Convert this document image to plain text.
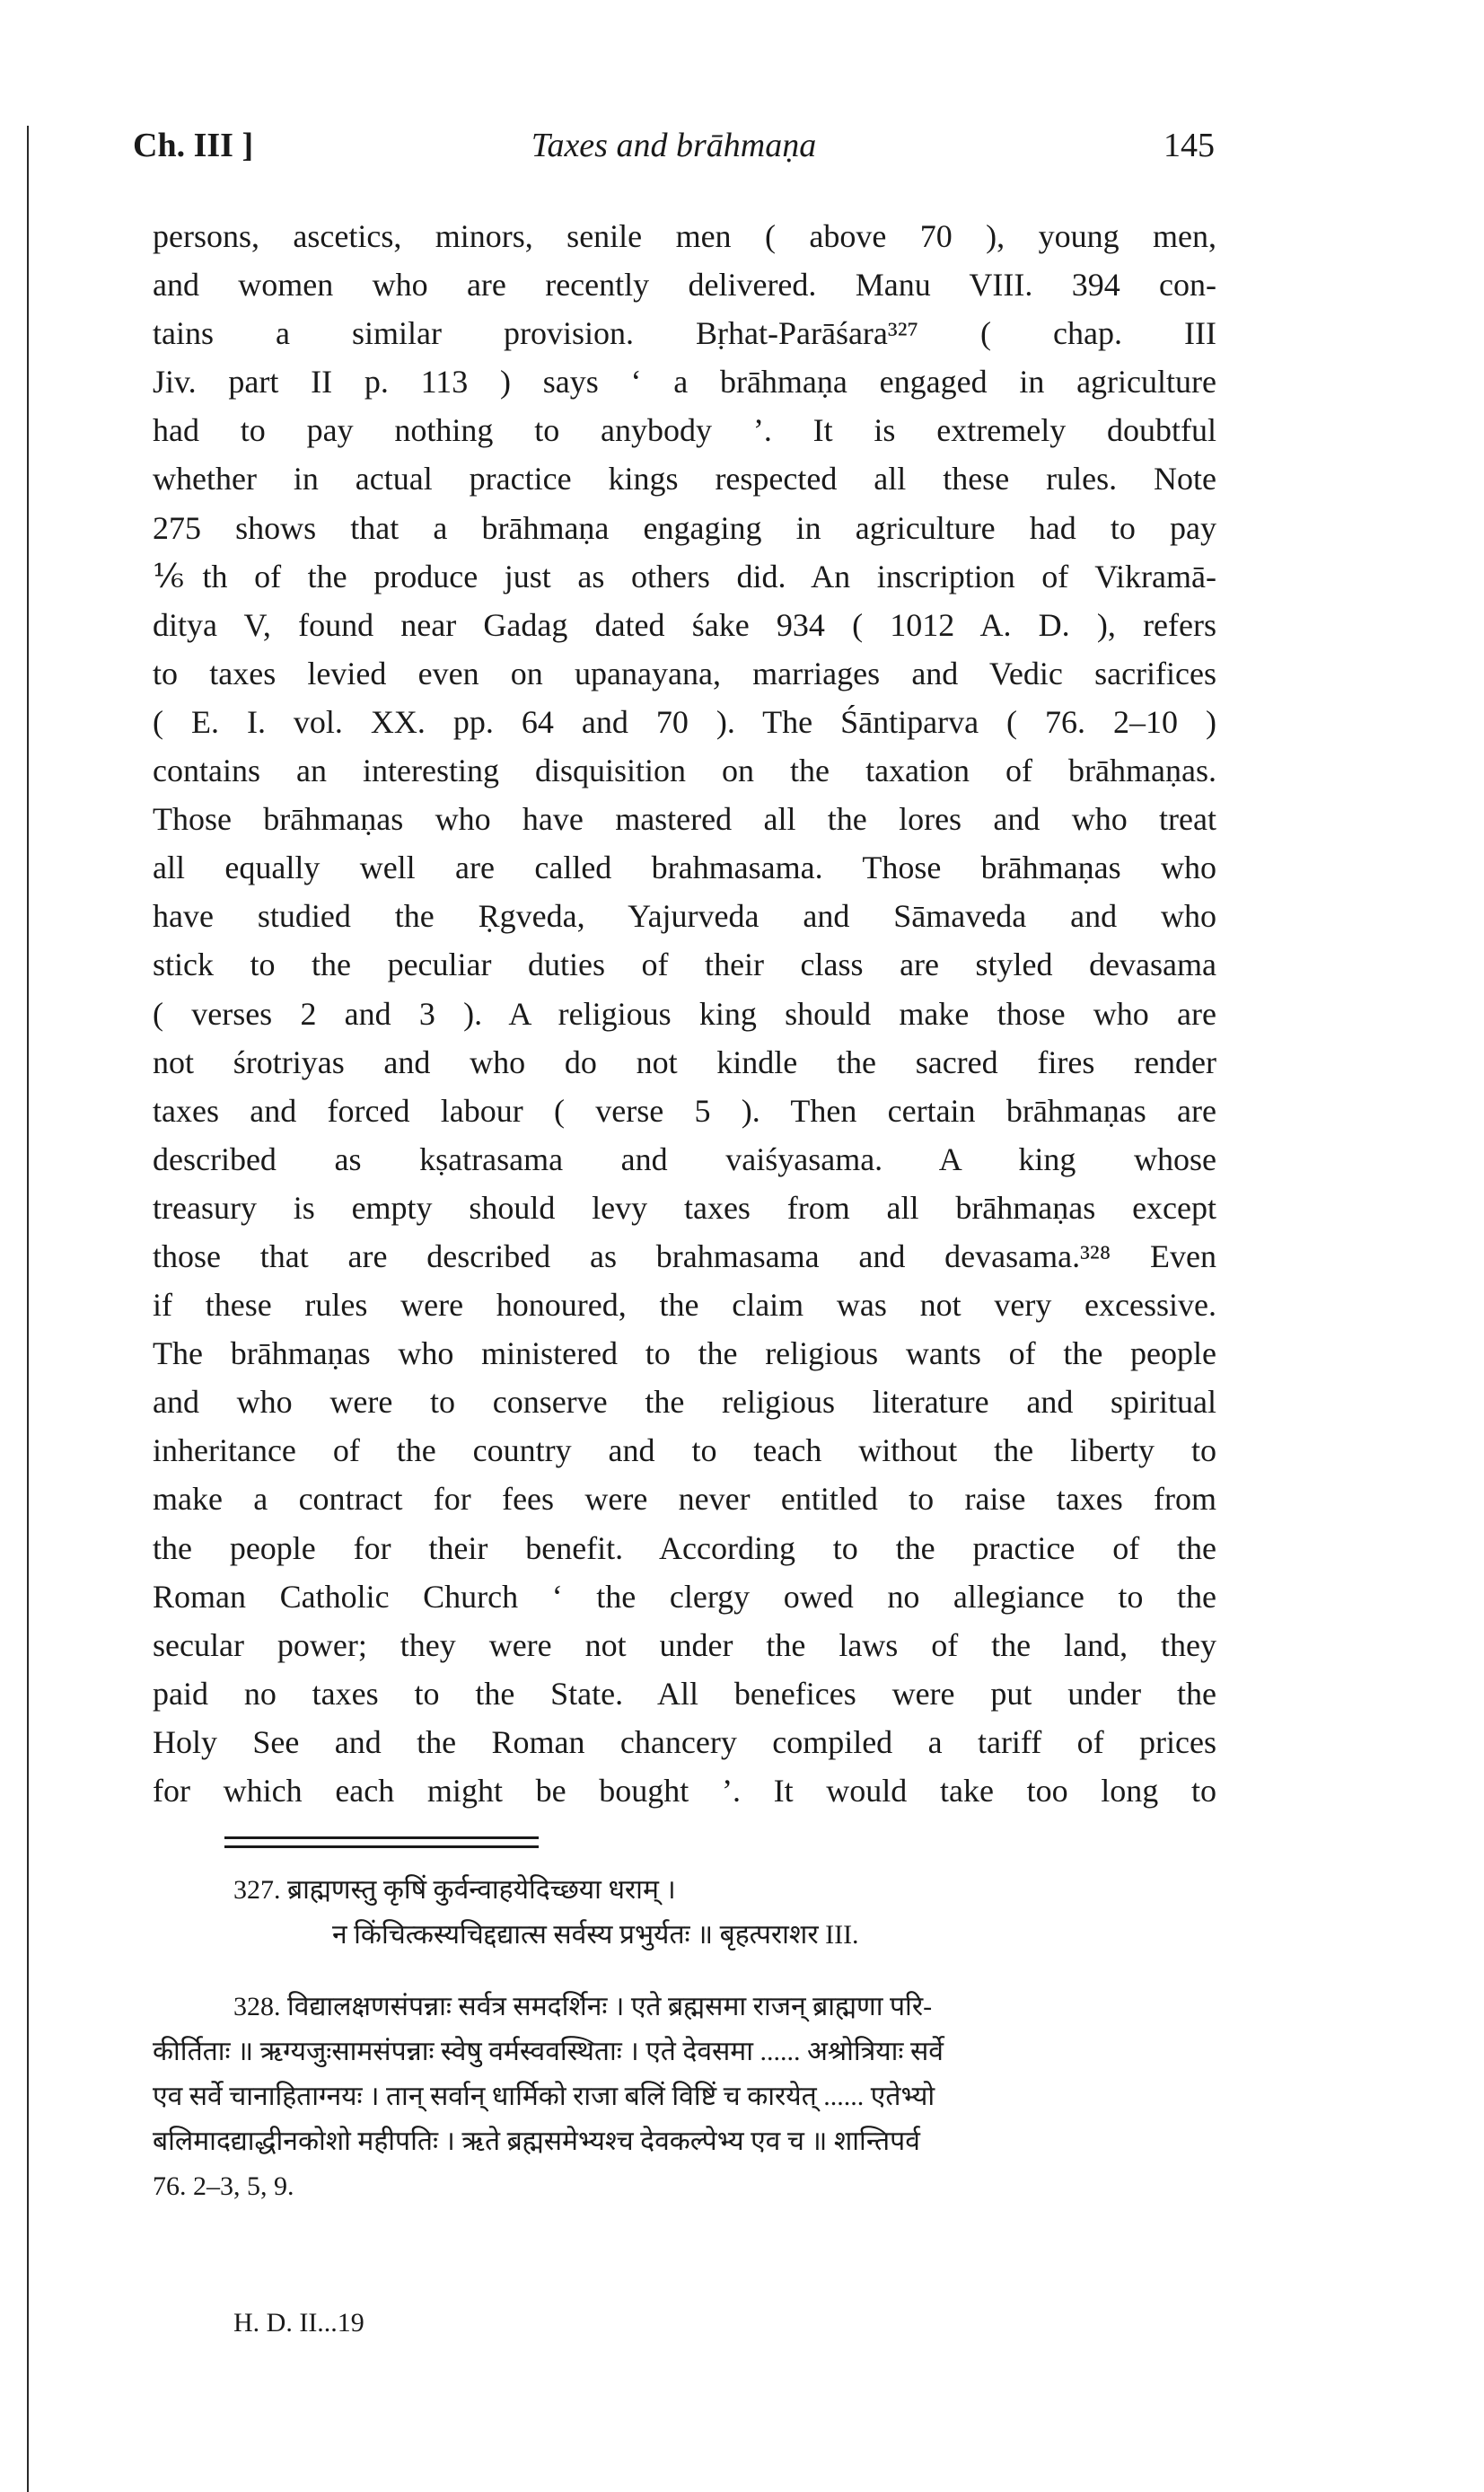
Ch. III ]	Taxes and brāhmaṇa	145
persons, ascetics, minors, senile men ( above 70 ), young men,
and women who are recently delivered. Manu VIII. 394 con-
tains a similar provision. Bṛhat-Parāśara³²⁷ ( chap. III
Jiv. part II p. 113 ) says ‘ a brāhmaṇa engaged in agriculture
had to pay nothing to anybody ’. It is extremely doubtful
whether in actual practice kings respected all these rules. Note
275 shows that a brāhmaṇa engaging in agriculture had to pay
⅙th of the produce just as others did. An inscription of Vikramā-
ditya V, found near Gadag dated śake 934 ( 1012 A. D. ), refers
to taxes levied even on upanayana, marriages and Vedic sacrifices
( E. I. vol. XX. pp. 64 and 70 ). The Śāntiparva ( 76. 2–10 )
contains an interesting disquisition on the taxation of brāhmaṇas.
Those brāhmaṇas who have mastered all the lores and who treat
all equally well are called brahmasama. Those brāhmaṇas who
have studied the Ṛgveda, Yajurveda and Sāmaveda and who
stick to the peculiar duties of their class are styled devasama
( verses 2 and 3 ). A religious king should make those who are
not śrotriyas and who do not kindle the sacred fires render
taxes and forced labour ( verse 5 ). Then certain brāhmaṇas are
described as kṣatrasama and vaiśyasama. A king whose
treasury is empty should levy taxes from all brāhmaṇas except
those that are described as brahmasama and devasama.³²⁸ Even
if these rules were honoured, the claim was not very excessive.
The brāhmaṇas who ministered to the religious wants of the people
and who were to conserve the religious literature and spiritual
inheritance of the country and to teach without the liberty to
make a contract for fees were never entitled to raise taxes from
the people for their benefit. According to the practice of the
Roman Catholic Church ‘ the clergy owed no allegiance to the
secular power; they were not under the laws of the land, they
paid no taxes to the State. All benefices were put under the
Holy See and the Roman chancery compiled a tariff of prices
for which each might be bought ’. It would take too long to
327. ब्राह्मणस्तु कृषिं कुर्वन्वाहयेदिच्छया धराम् ।
न किंचित्कस्यचिद्दद्यात्स सर्वस्य प्रभुर्यतः ॥ बृहत्पराशर III.
328. विद्यालक्षणसंपन्नाः सर्वत्र समदर्शिनः । एते ब्रह्मसमा राजन् ब्राह्मणा परि-
कीर्तिताः ॥ ऋग्यजुःसामसंपन्नाः स्वेषु वर्मस्ववस्थिताः । एते देवसमा ...... अश्रोत्रियाः सर्वे
एव सर्वे चानाहिताग्नयः । तान् सर्वान् धार्मिको राजा बलिं विष्टिं च कारयेत् ...... एतेभ्यो
बलिमादद्याद्धीनकोशो महीपतिः । ऋते ब्रह्मसमेभ्यश्च देवकल्पेभ्य एव च ॥ शान्तिपर्व
76. 2–3, 5, 9.
H. D. II...19
